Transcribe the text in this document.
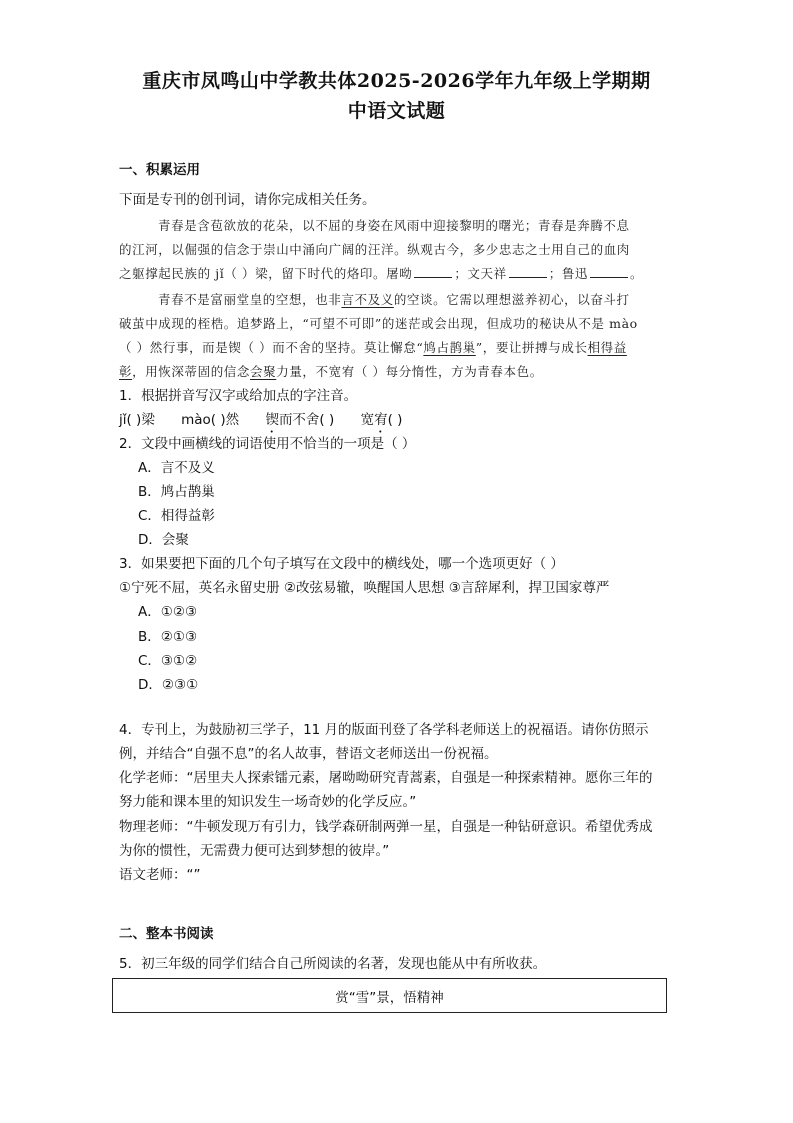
重庆市凤鸣山中学教共体2025-2026学年九年级上学期期
中语文试题
一、积累运用
下面是专刊的创刊词，请你完成相关任务。
青春是含苞欲放的花朵，以不屈的身姿在风雨中迎接黎明的曙光；青春是奔腾不息
的江河，以倔强的信念于崇山中涌向广阔的汪洋。纵观古今，多少忠志之士用自己的血肉
之躯撑起民族的 jǐ（ ）梁，留下时代的烙印。屠呦	；文天祥	；鲁迅	。
青春不是富丽堂皇的空想，也非言不及义的空谈。它需以理想滋养初心，以奋斗打
破茧中成现的桎梏。追梦路上，“可望不可即”的迷茫或会出现，但成功的秘诀从不是 mào
（ ）然行事，而是锲（ ）而不舍的坚持。莫让懈怠“鸠占鹊巢”，要让拼搏与成长相得益
彰，用恢深蒂固的信念会聚力量，不宽宥（ ）每分惰性，方为青春本色。
1．根据拼音写汉字或给加点的字注音。
jǐ( )梁 mào( )然 锲而不舍( ) 宽宥( )
2．文段中画横线的词语使用不恰当的一项是（ ）
A．言不及义
B．鸠占鹊巢
C．相得益彰
D．会聚
3．如果要把下面的几个句子填写在文段中的横线处，哪一个选项更好（ ）
①宁死不屈，英名永留史册 ②改弦易辙，唤醒国人思想 ③言辞犀利，捍卫国家尊严
A．①②③
B．②①③
C．③①②
D．②③①
4．专刊上，为鼓励初三学子，11 月的版面刊登了各学科老师送上的祝福语。请你仿照示
例，并结合“自强不息”的名人故事，替语文老师送出一份祝福。
化学老师：“居里夫人探索镭元素，屠呦呦研究青蒿素，自强是一种探索精神。愿你三年的
努力能和课本里的知识发生一场奇妙的化学反应。”
物理老师：“牛顿发现万有引力，钱学森研制两弹一星，自强是一种钻研意识。希望优秀成
为你的惯性，无需费力便可达到梦想的彼岸。”
语文老师：“”
二、整本书阅读
5．初三年级的同学们结合自己所阅读的名著，发现也能从中有所收获。
赏“雪”景，悟精神
